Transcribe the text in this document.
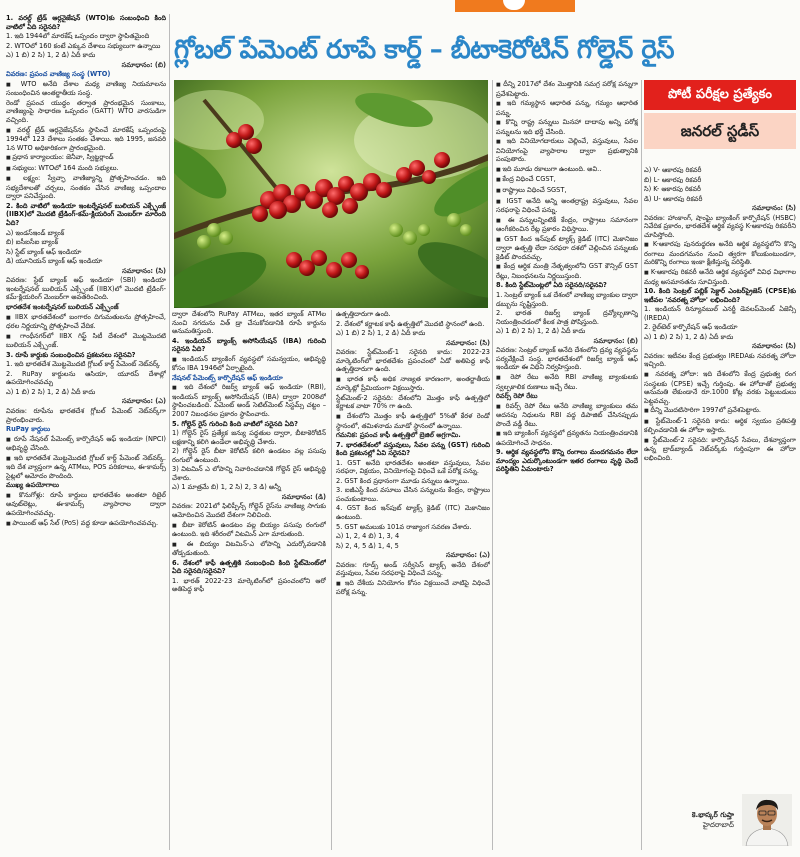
గ్లోబల్ పేమెంట్ రూపే కార్డ్ – బీటాకెరోటిన్ గోల్డెన్ రైస్

1. వరల్డ్ ట్రేడ్ ఆర్గనైజేషన్ (WTO)కు సంబంధించి కింది వాటిలో ఏది సరైనది?

1. ఇది 1944లో మారకేష్ ఒప్పందం ద్వారా స్థాపితమైంది

2. WTOలో 160 కంటే ఎక్కువ దేశాలు సభ్యులుగా ఉన్నాయి

ఎ) 1 బి) 2 సి) 1, 2 డి) ఏదీ కాదు

సమాధానం: (బి)

వివరణ: ప్రపంచ వాణిజ్య సంస్థ (WTO)

■ WTO అనేది దేశాల మధ్య వాణిజ్య నియమాలను సంబంధించిన అంతర్జాతీయ సంస్థ.

రెండో ప్రపంచ యుద్ధం తర్వాత ప్రారంభమైన సుంకాలు, వాణిజ్యంపై సాధారణ ఒప్పందం (GATT) WTO వారసుడిగా వచ్చింది.

■ వరల్డ్ ట్రేడ్ ఆర్గనైజేషన్‌ను స్థాపించే మారకేష్ ఒప్పందంపై 1994లో 123 దేశాలు సంతకం చేశాయి. ఇది 1995, జనవరి 1న WTO అధికారికంగా ప్రారంభమైంది.

■ ప్రధాన కార్యాలయం: జెనీవా, స్విట్జర్లాండ్

■ సభ్యులు: WTOలో 164 మంది సభ్యులు.

■ లక్ష్యం: స్వేచ్ఛా వాణిజ్యాన్ని ప్రోత్సహించడం. ఇది సభ్యదేశాలతో చర్చలు, సంతకం చేసిన వాణిజ్య ఒప్పందాల ద్వారా పనిచేస్తుంది.

2. కింది వాటిలో ఇండియా ఇంటర్నేషనల్ బులియన్ ఎక్స్ఛేంజ్ (IIBX)లో మొదటి ట్రేడింగ్-కమ్-క్లియరింగ్ మెంబర్‌గా మారింది ఏది?

ఎ) ఇండస్‌ఇండ్ బ్యాంక్

బి) ఐసీఐసీఐ బ్యాంక్

సి) స్టేట్ బ్యాంక్ ఆఫ్ ఇండియా

డి) యూనియన్ బ్యాంక్ ఆఫ్ ఇండియా

సమాధానం: (సి)

వివరణ: స్టేట్ బ్యాంక్ ఆఫ్ ఇండియా (SBI) ఇండియా ఇంటర్నేషనల్ బులియన్ ఎక్స్ఛేంజ్ (IIBX)లో మొదటి ట్రేడింగ్-కమ్-క్లియరింగ్ మెంబర్‌గా అవతరించింది.

భారతదేశ ఇంటర్నేషనల్ బులియన్ ఎక్స్ఛేంజ్

■ IIBX భారతదేశంలో బంగారం దిగుమతులను ప్రోత్సహించే, ధరల నిర్ణయాన్ని ప్రోత్సహించే వేదిక.

■ గాంధీనగర్‌లో IIBX గిఫ్ట్ సిటీ దేశంలో మొట్టమొదటి బులియన్ ఎక్స్ఛేంజ్.

3. రూపే కార్డుకు సంబంధించిన ప్రకటనలు సరైనవి?

1. ఇది భారతదేశ మొట్టమొదటి గ్లోబల్ కార్డ్ పేమెంట్ నెట్‌వర్క్

2. RuPay కార్డులను ఆసియా, యూరప్ దేశాల్లో ఉపయోగించవచ్చు

ఎ) 1 బి) 2 సి) 1, 2 డి) ఏదీ కాదు

సమాధానం: (ఎ)

వివరణ: రూపేను భారతదేశ గ్లోబల్ పేమెంట్ నెట్‌వర్క్‌గా ప్రారంభించారు.

RuPay కార్డులు

■ రూపే నేషనల్ పేమెంట్స్ కార్పొరేషన్ ఆఫ్ ఇండియా (NPCI) అభివృద్ధి చేసింది.

■ ఇది భారతదేశ మొట్టమొదటి గ్లోబల్ కార్డ్ పేమెంట్ నెట్‌వర్క్. ఇది దేశ వ్యాప్తంగా ఉన్న ATMలు, POS పరికరాలు, ఈ-కామర్స్ సైట్లలో ఆమోదం పొందింది.

ముఖ్య ఉపయోగాలు

■ కొనుగోళ్లు: రూపే కార్డులు భారతదేశం అంతటా రిటైల్ అవుట్‌లెట్లు, ఈ-కామర్స్ వ్యాపారాల ద్వారా ఉపయోగించవచ్చు.

■ పాయింట్ ఆఫ్ సేల్ (PoS) వద్ద కూడా ఉపయోగించవచ్చు.

ద్వారా దేశంలోని RuPay ATMలు, ఇతర బ్యాంక్ ATMల నుంచి నగదును విత్ డ్రా చేసుకోవడానికి రూపే కార్డును అనుమతిస్తుంది.

4. ఇండియన్ బ్యాంక్స్ అసోసియేషన్ (IBA) గురించి సరైనది ఏది?

■ ఇండియన్ బ్యాంకింగ్ వ్యవస్థలో సమన్వయం, అభివృద్ధి కోసం IBA 1946లో ఏర్పాటైంది.

నేషనల్ పేమెంట్స్ కార్పొరేషన్ ఆఫ్ ఇండియా

■ ఇది దేశంలో రిజర్వ్ బ్యాంక్ ఆఫ్ ఇండియా (RBI), ఇండియన్ బ్యాంక్స్ అసోసియేషన్ (IBA) ద్వారా 2008లో స్థాపించబడింది. పేమెంట్ అండ్ సెటిల్‌మెంట్ సిస్టమ్స్ చట్టం – 2007 నిబంధనల ప్రకారం స్థాపించారు.

5. గోల్డెన్ రైస్ గురించి కింది వాటిలో సరైనది ఏది?

1) గోల్డెన్ రైస్ ప్రత్యేక జన్యు పద్ధతుల ద్వారా, బీటాకెరోటిన్ లక్షణాన్ని కలిగి ఉండేలా అభివృద్ధి చేశారు.

2) గోల్డెన్ రైస్ బీటా కెరోటిన్ కలిగి ఉండటం వల్ల పసుపు రంగులో ఉంటుంది.

3) విటమిన్ ఎ లోపాన్ని నివారించడానికి గోల్డెన్ రైస్ అభివృద్ధి చేశారు.

ఎ) 1 మాత్రమే బి) 1, 2 సి) 2, 3 డి) అన్నీ

సమాధానం: (డి)

వివరణ: 2021లో ఫిలిప్పీన్స్ గోల్డెన్ రైస్‌ను వాణిజ్య సాగుకు ఆమోదించిన మొదటి దేశంగా నిలిచింది.

■ బీటా కెరోటిన్ ఉండటం వల్ల బియ్యం పసుపు రంగులో ఉంటుంది. ఇది శరీరంలో విటమిన్ ఎగా మారుతుంది.

■ ఈ బియ్యం విటమిన్-ఎ లోపాన్ని ఎదుర్కోవడానికి తోడ్పడుతుంది.

6. దేశంలో కాఫీ ఉత్పత్తికి సంబంధించి కింది స్టేట్‌మెంట్‌లో ఏది సరైనది/సరైనవి?

1. భారత్ 2022-23 మార్కెటింగ్‌లో ప్రపంచంలోని ఆరో అతిపెద్ద కాఫీ

ఉత్పత్తిదారుగా ఉంది.

2. దేశంలో కర్ణాటక కాఫీ ఉత్పత్తిలో మొదటి స్థానంలో ఉంది.

ఎ) 1 బి) 2 సి) 1, 2 డి) ఏదీ కాదు

సమాధానం: (సి)

వివరణ: స్టేట్‌మెంట్-1 సరైనది కాదు: 2022-23 మార్కెటింగ్‌లో భారతదేశం ప్రపంచంలో ఏడో అతిపెద్ద కాఫీ ఉత్పత్తిదారుగా ఉంది.

■ భారత కాఫీ అధిక నాణ్యత కారణంగా, అంతర్జాతీయ మార్కెట్లో ప్రీమియంగా విక్రయిస్తారు.

స్టేట్‌మెంట్-2 సరైనది: దేశంలోని మొత్తం కాఫీ ఉత్పత్తిలో కర్ణాటక వాటా 70% గా ఉంది.

■ దేశంలోని మొత్తం కాఫీ ఉత్పత్తిలో 5%తో కేరళ రెండో స్థానంలో, తమిళనాడు మూడో స్థానంలో ఉన్నాయి.

గమనిక: ప్రపంచ కాఫీ ఉత్పత్తిలో బ్రెజిల్ అగ్రగామి.

7. భారతదేశంలో వస్తువులు, సేవల పన్ను (GST) గురించి కింది ప్రకటనల్లో ఏవి సరైనవి?

1. GST అనేది భారతదేశం అంతటా వస్తువులు, సేవల సరఫరా, విక్రయం, వినియోగంపై విధించే ఒకే పరోక్ష పన్ను.

2. GST కింద ప్రధానంగా మూడు పన్నులు ఉన్నాయి.

3. ఐజీఎస్టీ కింద వసూలు చేసిన పన్నులను కేంద్రం, రాష్ట్రాలు పంచుకుంటాయి.

4. GST కింద ఇన్‌పుట్ ట్యాక్స్ క్రెడిట్ (ITC) మెకానిజం ఉంటుంది.

5. GST అమలుకు 101వ రాజ్యాంగ సవరణ చేశారు.

ఎ) 1, 2, 4 బి) 1, 3, 4

సి) 2, 4, 5 డి) 1, 4, 5

సమాధానం: (ఎ)

వివరణ: గూడ్స్ అండ్ సర్వీసెస్ ట్యాక్స్ అనేది దేశంలో వస్తువులు, సేవల సరఫరాపై విధించే పన్ను.

■ ఇది దేశీయ వినియోగం కోసం విక్రయించే వాటిపై విధించే పరోక్ష పన్ను.

■ దీన్ని 2017లో దేశం మొత్తానికి సమగ్ర పరోక్ష పన్నుగా ప్రవేశపెట్టారు.

■ ఇది గమ్యస్థాన ఆధారిత పన్ను, గమ్యం ఆధారిత పన్ను.

■ కొన్ని రాష్ట్ర పన్నులు మినహా దాదాపు అన్ని పరోక్ష పన్నులను ఇది భర్తీ చేసింది.

■ ఇది వినియోగదారులు చెల్లించే, వస్తువులు, సేవల వినియోగంపై వ్యాపారాల ద్వారా ప్రభుత్వానికి పంపుతారు.

■ ఇది మూడు రకాలుగా ఉంటుంది. అవి..

■ కేంద్ర విధించే CGST,

■ రాష్ట్రాలు విధించే SGST,

■ IGST అనేది అన్ని అంతర్రాష్ట్ర వస్తువులు, సేవల సరఫరాపై విధించే పన్ను.

■ ఈ పన్నులన్నింటికీ కేంద్రం, రాష్ట్రాలు సమానంగా ఆంగీకరించిన రేట్ల ప్రకారం విధిస్తాయి.

■ GST కింద ఇన్‌పుట్ ట్యాక్స్ క్రెడిట్ (ITC) మెకానిజం ద్వారా ఉత్పత్తి లేదా సరఫరా దశలో చెల్లించిన పన్నులకు క్రెడిట్ పొందవచ్చు.

■ కేంద్ర ఆర్థిక మంత్రి నేతృత్వంలోని GST కౌన్సిల్ GST రేట్లు, నిబంధనలను నిర్ణయిస్తుంది.

8. కింది స్టేట్‌మెంట్లలో ఏది సరైనది/సరైనవి?

1. సెంట్రల్ బ్యాంక్ ఒక దేశంలో వాణిజ్య బ్యాంకుల ద్వారా డబ్బును సృష్టిస్తుంది.

2. భారత రిజర్వ్ బ్యాంక్ ద్రవ్యోల్బణాన్ని నియంత్రించడంలో కీలక పాత్ర పోషిస్తుంది.

ఎ) 1 బి) 2 సి) 1, 2 డి) ఏదీ కాదు

సమాధానం: (బి)

వివరణ: సెంట్రల్ బ్యాంక్ అనేది దేశంలోని ద్రవ్య వ్యవస్థను పర్యవేక్షించే సంస్థ. భారతదేశంలో రిజర్వ్ బ్యాంక్ ఆఫ్ ఇండియా ఈ విధిని నిర్వహిస్తుంది.

■ రెపో రేటు అనేది RBI వాణిజ్య బ్యాంకులకు స్వల్పకాలిక రుణాలు ఇచ్చే రేటు.

రివర్స్ రెపో రేటు

■ రివర్స్ రెపో రేటు అనేది వాణిజ్య బ్యాంకులు తమ అదనపు నిధులను RBI వద్ద డిపాజిట్ చేసినప్పుడు పొందే వడ్డీ రేటు.

■ ఇది బ్యాంకింగ్ వ్యవస్థలో ద్రవ్యతను నియంత్రించడానికి ఉపయోగించే సాధనం.

9. ఆర్థిక వ్యవస్థలోని కొన్ని రంగాలు మందగమనం లేదా మాంద్యం ఎదుర్కొంటుండగా ఇతర రంగాలు వృద్ధి చెందే పరిస్థితిని ఏమంటారు?

పోటీ పరీక్షల ప్రత్యేకం
జనరల్ స్టడీస్

ఎ) V- ఆకారపు రికవరీ

బి) L- ఆకారపు రికవరీ

సి) K- ఆకారపు రికవరీ

డి) U- ఆకారపు రికవరీ

సమాధానం: (సి)

వివరణ: హాంకాంగ్, షాంఘై బ్యాంకింగ్ కార్పొరేషన్ (HSBC) నివేదిక ప్రకారం, భారతదేశ ఆర్థిక వ్యవస్థ K-ఆకారపు రికవరీని చూపిస్తోంది.

■ K-ఆకారపు పునరుద్ధరణ అనేది ఆర్థిక వ్యవస్థలోని కొన్ని రంగాలు మందగమనం నుంచి త్వరగా కోలుకుంటుండగా, మరికొన్ని రంగాలు ఇంకా క్షీణిస్తున్న పరిస్థితి.

■ K-ఆకారపు రికవరీ అనేది ఆర్థిక వ్యవస్థలో వివిధ విభాగాల మధ్య అసమానతను సూచిస్తుంది.

10. కింది సెంట్రల్ పబ్లిక్ సెక్టార్ ఎంటర్‌ప్రైజెస్ (CPSE)కు ఇటీవల 'నవరత్న హోదా' లభించింది?

1. ఇండియన్ రిన్యూవబుల్ ఎనర్జీ డెవలప్‌మెంట్ ఏజెన్సీ (IREDA)

2. రైల్‌టెల్ కార్పొరేషన్ ఆఫ్ ఇండియా

ఎ) 1 బి) 2 సి) 1, 2 డి) ఏదీ కాదు

సమాధానం: (సి)

వివరణ: ఇటీవల కేంద్ర ప్రభుత్వం IREDAకు నవరత్న హోదా ఇచ్చింది.

■ నవరత్న హోదా: ఇది దేశంలోని కేంద్ర ప్రభుత్వ రంగ సంస్థలకు (CPSE) ఇచ్చే గుర్తింపు. ఈ హోదాతో ప్రభుత్వ అనుమతి లేకుండానే రూ.1000 కోట్ల వరకు పెట్టుబడులు పెట్టవచ్చు.

■ దీన్ని మొదటిసారిగా 1997లో ప్రవేశపెట్టారు.

■ స్టేట్‌మెంట్-1 సరైనది కాదు: ఆర్థిక స్వయం ప్రతిపత్తి కల్పించడానికి ఈ హోదా ఇస్తారు.

■ స్టేట్‌మెంట్-2 సరైనది: కార్పొరేషన్ సేవలు, దేశవ్యాప్తంగా ఉన్న బ్రాడ్‌బ్యాండ్ నెట్‌వర్క్‌కు గుర్తింపుగా ఈ హోదా లభించింది.

కె.భాస్కర్ గుప్తా
హైదరాబాద్
